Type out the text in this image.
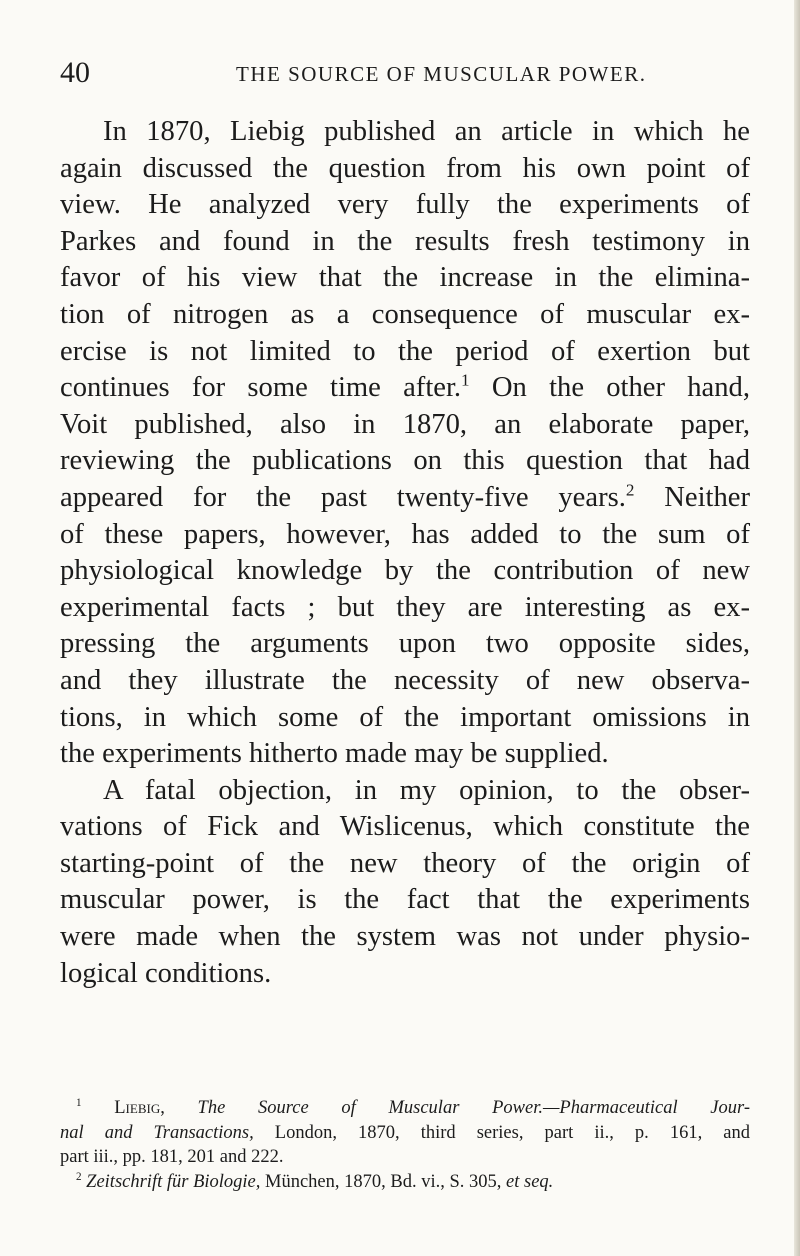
40	THE SOURCE OF MUSCULAR POWER.
In 1870, Liebig published an article in which he
again discussed the question from his own point of
view. He analyzed very fully the experiments of
Parkes and found in the results fresh testimony in
favor of his view that the increase in the elimina-
tion of nitrogen as a consequence of muscular ex-
ercise is not limited to the period of exertion but
continues for some time after.$^1$ On the other hand,
Voit published, also in 1870, an elaborate paper,
reviewing the publications on this question that had
appeared for the past twenty-five years.$^2$ Neither
of these papers, however, has added to the sum of
physiological knowledge by the contribution of new
experimental facts ; but they are interesting as ex-
pressing the arguments upon two opposite sides,
and they illustrate the necessity of new observa-
tions, in which some of the important omissions in
the experiments hitherto made may be supplied.
A fatal objection, in my opinion, to the obser-
vations of Fick and Wislicenus, which constitute the
starting-point of the new theory of the origin of
muscular power, is the fact that the experiments
were made when the system was not under physio-
logical conditions.
$^1$ Liebig, The Source of Muscular Power.—Pharmaceutical Jour-
nal and Transactions, London, 1870, third series, part ii., p. 161, and
part iii., pp. 181, 201 and 222.
$^2$ Zeitschrift für Biologie, München, 1870, Bd. vi., S. 305, et seq.
